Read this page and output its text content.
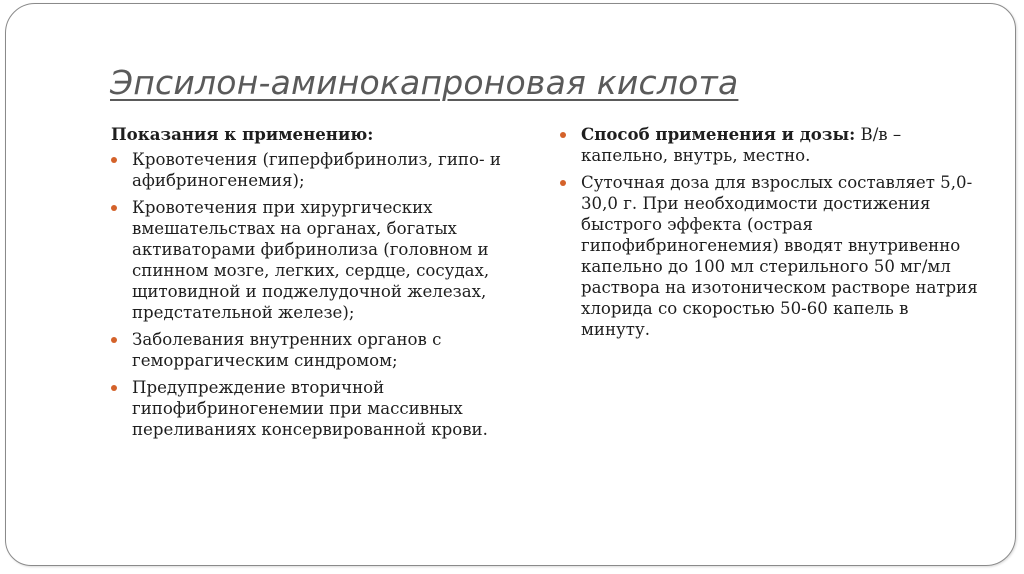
Эпсилон-аминокапроновая кислота
Показания к применению:
Кровотечения (гиперфибринолиз, гипо- и афибриногенемия);
Кровотечения при хирургических вмешательствах на органах, богатых активаторами фибринолиза (головном и спинном мозге, легких, сердце, сосудах, щитовидной и поджелудочной железах, предстательной железе);
Заболевания внутренних органов с геморрагическим синдромом;
Предупреждение вторичной гипофибриногенемии при массивных переливаниях консервированной крови.
Способ применения и дозы: В/в – капельно, внутрь, местно.
Суточная доза для взрослых составляет 5,0-30,0 г. При необходимости достижения быстрого эффекта (острая гипофибриногенемия) вводят внутривенно капельно до 100 мл стерильного 50 мг/мл раствора на изотоническом растворе натрия хлорида со скоростью 50-60 капель в минуту.
